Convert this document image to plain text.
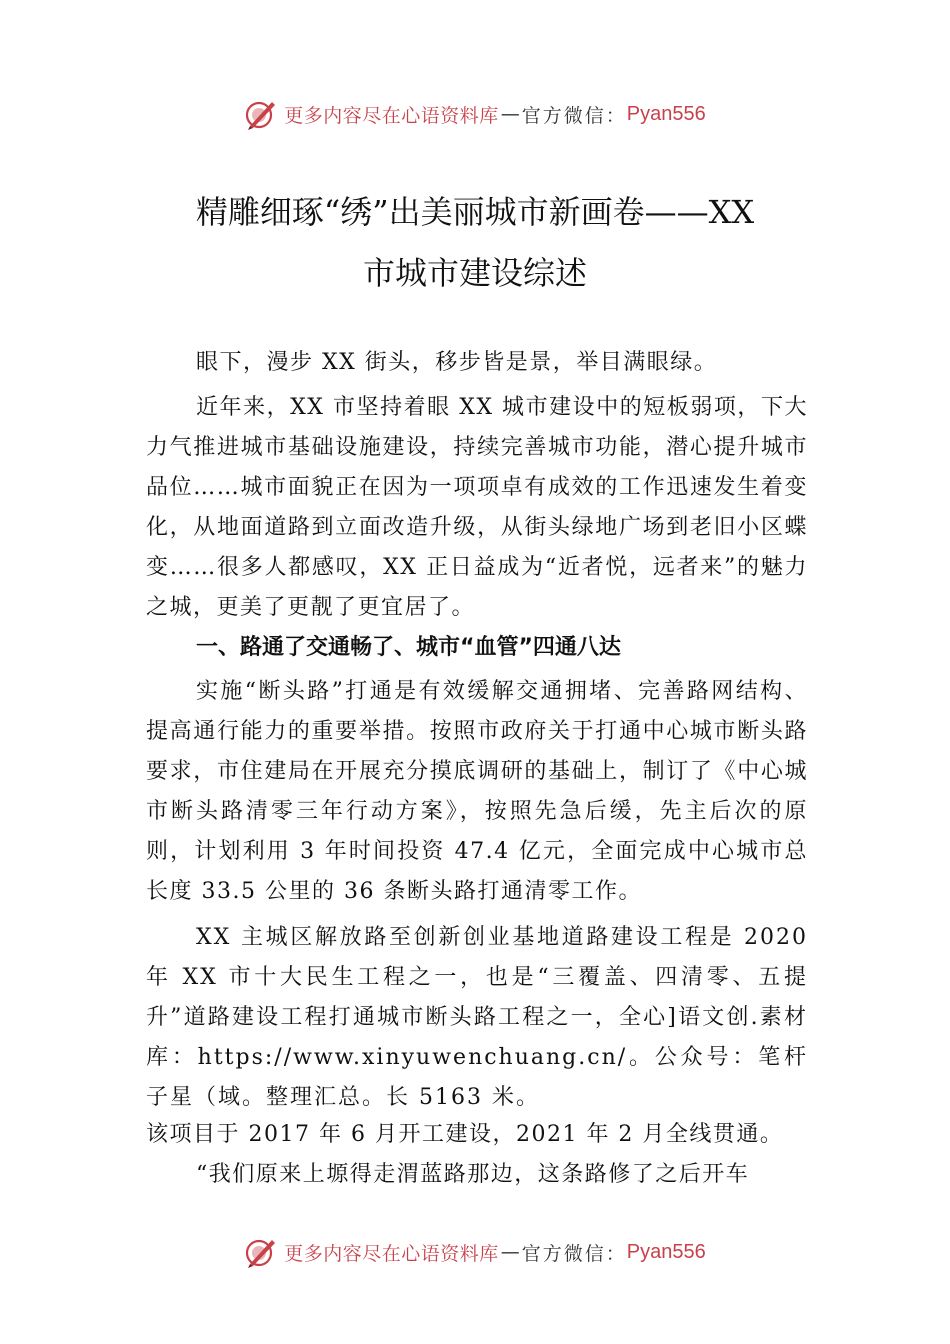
更多内容尽在心语资料库 — 官方微信： Pyan556
精雕细琢“绣”出美丽城市新画卷——XX
市城市建设综述
眼下，漫步 XX 街头，移步皆是景，举目满眼绿。
近年来，XX 市坚持着眼 XX 城市建设中的短板弱项，下大力气推进城市基础设施建设，持续完善城市功能，潜心提升城市品位……城市面貌正在因为一项项卓有成效的工作迅速发生着变化，从地面道路到立面改造升级，从街头绿地广场到老旧小区蝶变……很多人都感叹，XX 正日益成为“近者悦，远者来”的魅力之城，更美了更靓了更宜居了。
一、路通了交通畅了、城市“血管”四通八达
实施“断头路”打通是有效缓解交通拥堵、完善路网结构、提高通行能力的重要举措。按照市政府关于打通中心城市断头路要求，市住建局在开展充分摸底调研的基础上，制订了《中心城市断头路清零三年行动方案》，按照先急后缓，先主后次的原则，计划利用 3 年时间投资 47.4 亿元，全面完成中心城市总长度 33.5 公里的 36 条断头路打通清零工作。
XX 主城区解放路至创新创业基地道路建设工程是 2020 年 XX 市十大民生工程之一，也是“三覆盖、四清零、五提升”道路建设工程打通城市断头路工程之一，全心]语文创.素材库：https://www.xinyuwenchuang.cn/。公众号：笔杆子星（域。整理汇总。长 5163 米。
该项目于 2017 年 6 月开工建设，2021 年 2 月全线贯通。
“我们原来上塬得走渭蓝路那边，这条路修了之后开车
更多内容尽在心语资料库 — 官方微信： Pyan556
